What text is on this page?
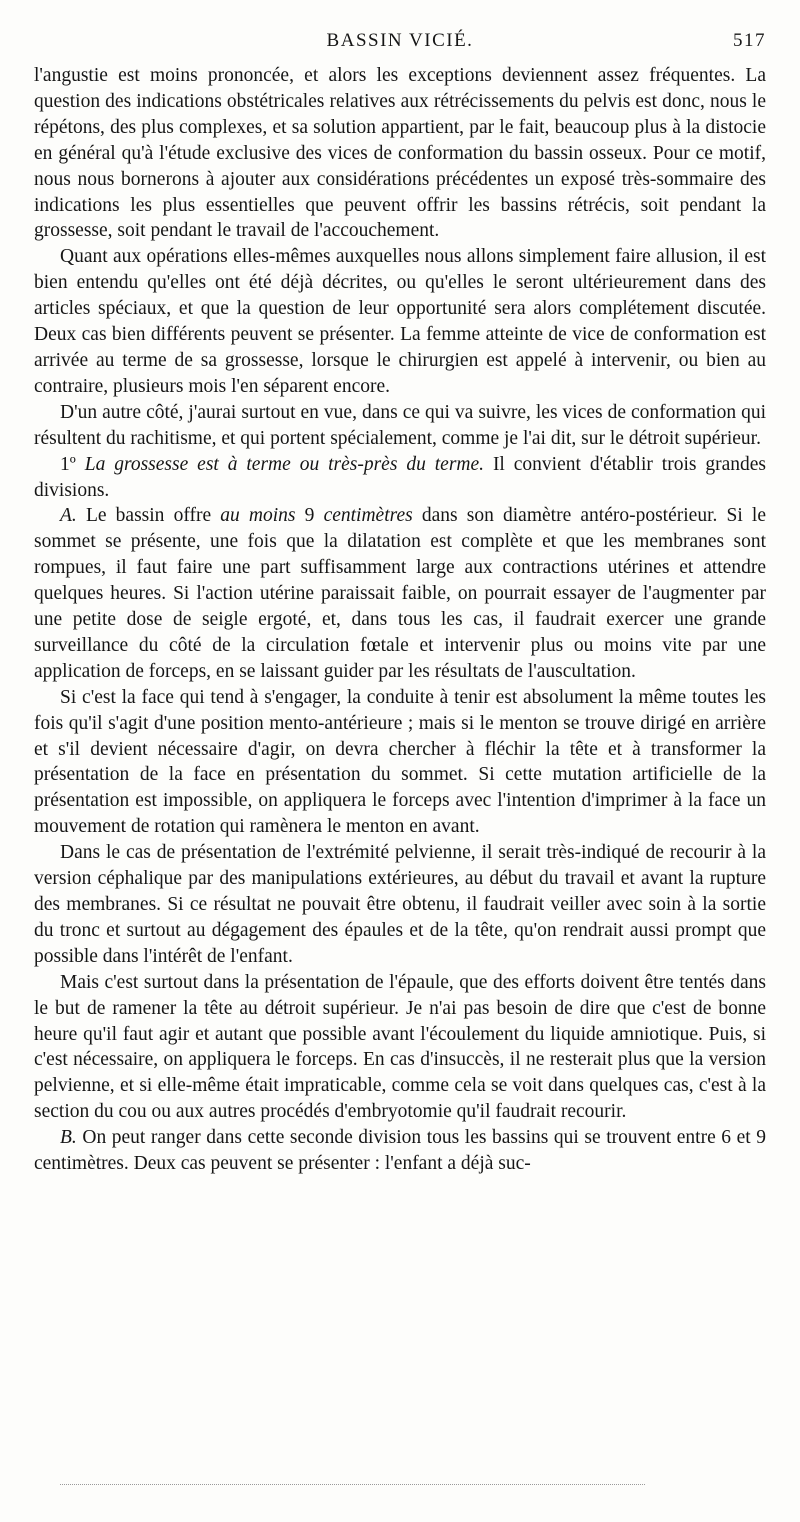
BASSIN VICIÉ.	517

l'angustie est moins prononcée, et alors les exceptions deviennent assez fréquentes. La question des indications obstétricales relatives aux rétrécissements du pelvis est donc, nous le répétons, des plus complexes, et sa solution appartient, par le fait, beaucoup plus à la distocie en général qu'à l'étude exclusive des vices de conformation du bassin osseux. Pour ce motif, nous nous bornerons à ajouter aux considérations précédentes un exposé très-sommaire des indications les plus essentielles que peuvent offrir les bassins rétrécis, soit pendant la grossesse, soit pendant le travail de l'accouchement.

Quant aux opérations elles-mêmes auxquelles nous allons simplement faire allusion, il est bien entendu qu'elles ont été déjà décrites, ou qu'elles le seront ultérieurement dans des articles spéciaux, et que la question de leur opportunité sera alors complétement discutée. Deux cas bien différents peuvent se présenter. La femme atteinte de vice de conformation est arrivée au terme de sa grossesse, lorsque le chirurgien est appelé à intervenir, ou bien au contraire, plusieurs mois l'en séparent encore.

D'un autre côté, j'aurai surtout en vue, dans ce qui va suivre, les vices de conformation qui résultent du rachitisme, et qui portent spécialement, comme je l'ai dit, sur le détroit supérieur.

1º La grossesse est à terme ou très-près du terme. Il convient d'établir trois grandes divisions.

A. Le bassin offre au moins 9 centimètres dans son diamètre antéro-postérieur. Si le sommet se présente, une fois que la dilatation est complète et que les membranes sont rompues, il faut faire une part suffisamment large aux contractions utérines et attendre quelques heures. Si l'action utérine paraissait faible, on pourrait essayer de l'augmenter par une petite dose de seigle ergoté, et, dans tous les cas, il faudrait exercer une grande surveillance du côté de la circulation fœtale et intervenir plus ou moins vite par une application de forceps, en se laissant guider par les résultats de l'auscultation.

Si c'est la face qui tend à s'engager, la conduite à tenir est absolument la même toutes les fois qu'il s'agit d'une position mento-antérieure ; mais si le menton se trouve dirigé en arrière et s'il devient nécessaire d'agir, on devra chercher à fléchir la tête et à transformer la présentation de la face en présentation du sommet. Si cette mutation artificielle de la présentation est impossible, on appliquera le forceps avec l'intention d'imprimer à la face un mouvement de rotation qui ramènera le menton en avant.

Dans le cas de présentation de l'extrémité pelvienne, il serait très-indiqué de recourir à la version céphalique par des manipulations extérieures, au début du travail et avant la rupture des membranes. Si ce résultat ne pouvait être obtenu, il faudrait veiller avec soin à la sortie du tronc et surtout au dégagement des épaules et de la tête, qu'on rendrait aussi prompt que possible dans l'intérêt de l'enfant.

Mais c'est surtout dans la présentation de l'épaule, que des efforts doivent être tentés dans le but de ramener la tête au détroit supérieur. Je n'ai pas besoin de dire que c'est de bonne heure qu'il faut agir et autant que possible avant l'écoulement du liquide amniotique. Puis, si c'est nécessaire, on appliquera le forceps. En cas d'insuccès, il ne resterait plus que la version pelvienne, et si elle-même était impraticable, comme cela se voit dans quelques cas, c'est à la section du cou ou aux autres procédés d'embryotomie qu'il faudrait recourir.

B. On peut ranger dans cette seconde division tous les bassins qui se trouvent entre 6 et 9 centimètres. Deux cas peuvent se présenter : l'enfant a déjà suc-
